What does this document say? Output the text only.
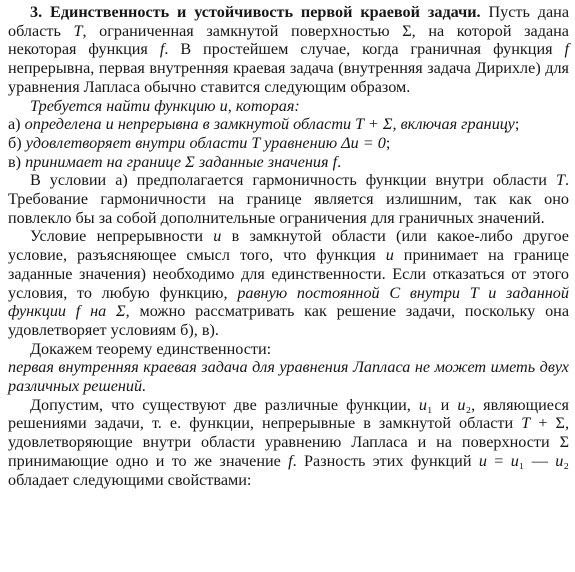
3. Единственность и устойчивость первой краевой задачи. Пусть дана область T, ограниченная замкнутой поверхностью Σ, на которой задана некоторая функция f. В простейшем случае, когда граничная функция f непрерывна, первая внутренняя краевая задача (внутренняя задача Дирихле) для уравнения Лапласа обычно ставится следующим образом.

Требуется найти функцию u, которая:

а) определена и непрерывна в замкнутой области T + Σ, включая границу;

б) удовлетворяет внутри области T уравнению Δu = 0;

в) принимает на границе Σ заданные значения f.

В условии а) предполагается гармоничность функции внутри области T. Требование гармоничности на границе является излишним, так как оно повлекло бы за собой дополнительные ограничения для граничных значений.

Условие непрерывности u в замкнутой области (или какое-либо другое условие, разъясняющее смысл того, что функция u принимает на границе заданные значения) необходимо для единственности. Если отказаться от этого условия, то любую функцию, равную постоянной C внутри T и заданной функции f на Σ, можно рассматривать как решение задачи, поскольку она удовлетворяет условиям б), в).

Докажем теорему единственности:

первая внутренняя краевая задача для уравнения Лапласа не может иметь двух различных решений.

Допустим, что существуют две различные функции, u₁ и u₂, являющиеся решениями задачи, т. е. функции, непрерывные в замкнутой области T + Σ, удовлетворяющие внутри области уравнению Лапласа и на поверхности Σ принимающие одно и то же значение f. Разность этих функций u = u₁ — u₂ обладает следующими свойствами:
